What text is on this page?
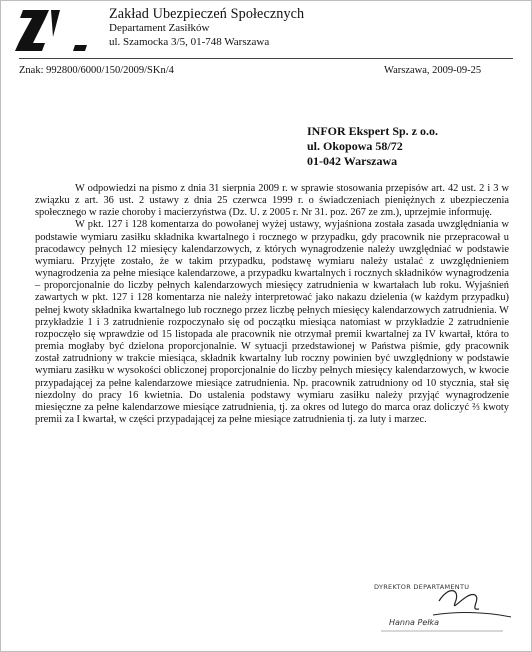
Zakład Ubezpieczeń Społecznych
Departament Zasiłków
ul. Szamocka 3/5, 01-748 Warszawa
Znak: 992800/6000/150/2009/SKn/4	Warszawa, 2009-09-25
INFOR Ekspert Sp. z o.o.
ul. Okopowa 58/72
01-042 Warszawa

W odpowiedzi na pismo z dnia 31 sierpnia 2009 r. w sprawie stosowania przepisów art. 42 ust. 2 i 3 w związku z art. 36 ust. 2 ustawy z dnia 25 czerwca 1999 r. o świadczeniach pieniężnych z ubezpieczenia społecznego w razie choroby i macierzyństwa (Dz. U. z 2005 r. Nr 31. poz. 267 ze zm.), uprzejmie informuję.

W pkt. 127 i 128 komentarza do powołanej wyżej ustawy, wyjaśniona została zasada uwzględniania w podstawie wymiaru zasiłku składnika kwartalnego i rocznego w przypadku, gdy pracownik nie przepracował u pracodawcy pełnych 12 miesięcy kalendarzowych, z których wynagrodzenie należy uwzględniać w podstawie wymiaru. Przyjęte zostało, że w takim przypadku, podstawę wymiaru należy ustalać z uwzględnieniem wynagrodzenia za pełne miesiące kalendarzowe, a przypadku kwartalnych i rocznych składników wynagrodzenia – proporcjonalnie do liczby pełnych kalendarzowych miesięcy zatrudnienia w kwartałach lub roku. Wyjaśnień zawartych w pkt. 127 i 128 komentarza nie należy interpretować jako nakazu dzielenia (w każdym przypadku) pełnej kwoty składnika kwartalnego lub rocznego przez liczbę pełnych miesięcy kalendarzowych zatrudnienia. W przykładzie 1 i 3 zatrudnienie rozpoczynało się od początku miesiąca natomiast w przykładzie 2 zatrudnienie rozpoczęło się wprawdzie od 15 listopada ale pracownik nie otrzymał premii kwartalnej za IV kwartał, która to premia mogłaby być dzielona proporcjonalnie. W sytuacji przedstawionej w Państwa piśmie, gdy pracownik został zatrudniony w trakcie miesiąca, składnik kwartalny lub roczny powinien być uwzględniony w podstawie wymiaru zasiłku w wysokości obliczonej proporcjonalnie do liczby pełnych miesięcy kalendarzowych, w kwocie przypadającej za pełne kalendarzowe miesiące zatrudnienia. Np. pracownik zatrudniony od 10 stycznia, stał się niezdolny do pracy 16 kwietnia. Do ustalenia podstawy wymiaru zasiłku należy przyjąć wynagrodzenie miesięczne za pełne kalendarzowe miesiące zatrudnienia, tj. za okres od lutego do marca oraz doliczyć ⅔ kwoty premii za I kwartał, w części przypadającej za pełne miesiące zatrudnienia tj. za luty i marzec.

DYREKTOR DEPARTAMENTU
Hanna Pełka
